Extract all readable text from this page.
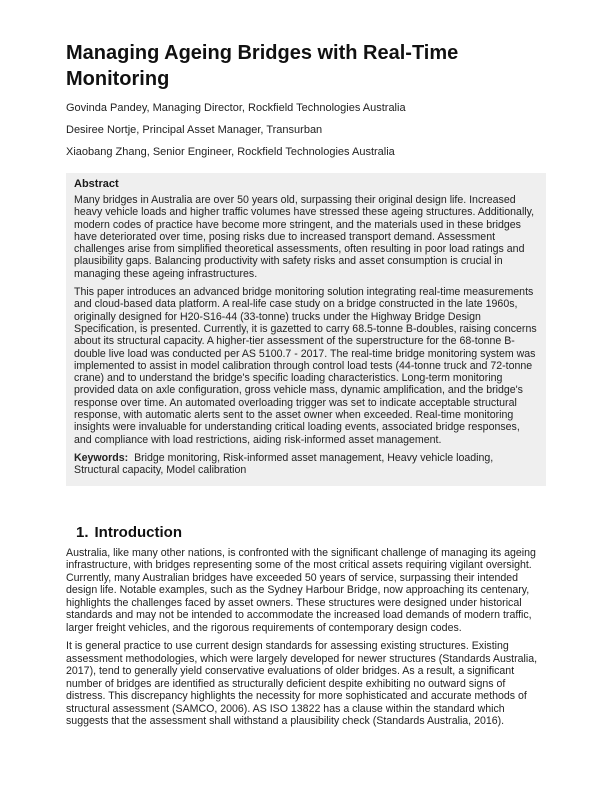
Managing Ageing Bridges with Real-Time Monitoring

Govinda Pandey, Managing Director, Rockfield Technologies Australia

Desiree Nortje, Principal Asset Manager, Transurban

Xiaobang Zhang, Senior Engineer, Rockfield Technologies Australia

Abstract

Many bridges in Australia are over 50 years old, surpassing their original design life. Increased heavy vehicle loads and higher traffic volumes have stressed these ageing structures. Additionally, modern codes of practice have become more stringent, and the materials used in these bridges have deteriorated over time, posing risks due to increased transport demand. Assessment challenges arise from simplified theoretical assessments, often resulting in poor load ratings and plausibility gaps. Balancing productivity with safety risks and asset consumption is crucial in managing these ageing infrastructures.

This paper introduces an advanced bridge monitoring solution integrating real-time measurements and cloud-based data platform. A real-life case study on a bridge constructed in the late 1960s, originally designed for H20-S16-44 (33-tonne) trucks under the Highway Bridge Design Specification, is presented. Currently, it is gazetted to carry 68.5-tonne B-doubles, raising concerns about its structural capacity. A higher-tier assessment of the superstructure for the 68-tonne B-double live load was conducted per AS 5100.7 - 2017. The real-time bridge monitoring system was implemented to assist in model calibration through control load tests (44-tonne truck and 72-tonne crane) and to understand the bridge's specific loading characteristics. Long-term monitoring provided data on axle configuration, gross vehicle mass, dynamic amplification, and the bridge's response over time. An automated overloading trigger was set to indicate acceptable structural response, with automatic alerts sent to the asset owner when exceeded. Real-time monitoring insights were invaluable for understanding critical loading events, associated bridge responses, and compliance with load restrictions, aiding risk-informed asset management.

Keywords: Bridge monitoring, Risk-informed asset management, Heavy vehicle loading, Structural capacity, Model calibration

1. Introduction

Australia, like many other nations, is confronted with the significant challenge of managing its ageing infrastructure, with bridges representing some of the most critical assets requiring vigilant oversight. Currently, many Australian bridges have exceeded 50 years of service, surpassing their intended design life. Notable examples, such as the Sydney Harbour Bridge, now approaching its centenary, highlights the challenges faced by asset owners. These structures were designed under historical standards and may not be intended to accommodate the increased load demands of modern traffic, larger freight vehicles, and the rigorous requirements of contemporary design codes.

It is general practice to use current design standards for assessing existing structures. Existing assessment methodologies, which were largely developed for newer structures (Standards Australia, 2017), tend to generally yield conservative evaluations of older bridges. As a result, a significant number of bridges are identified as structurally deficient despite exhibiting no outward signs of distress. This discrepancy highlights the necessity for more sophisticated and accurate methods of structural assessment (SAMCO, 2006). AS ISO 13822 has a clause within the standard which suggests that the assessment shall withstand a plausibility check (Standards Australia, 2016).
